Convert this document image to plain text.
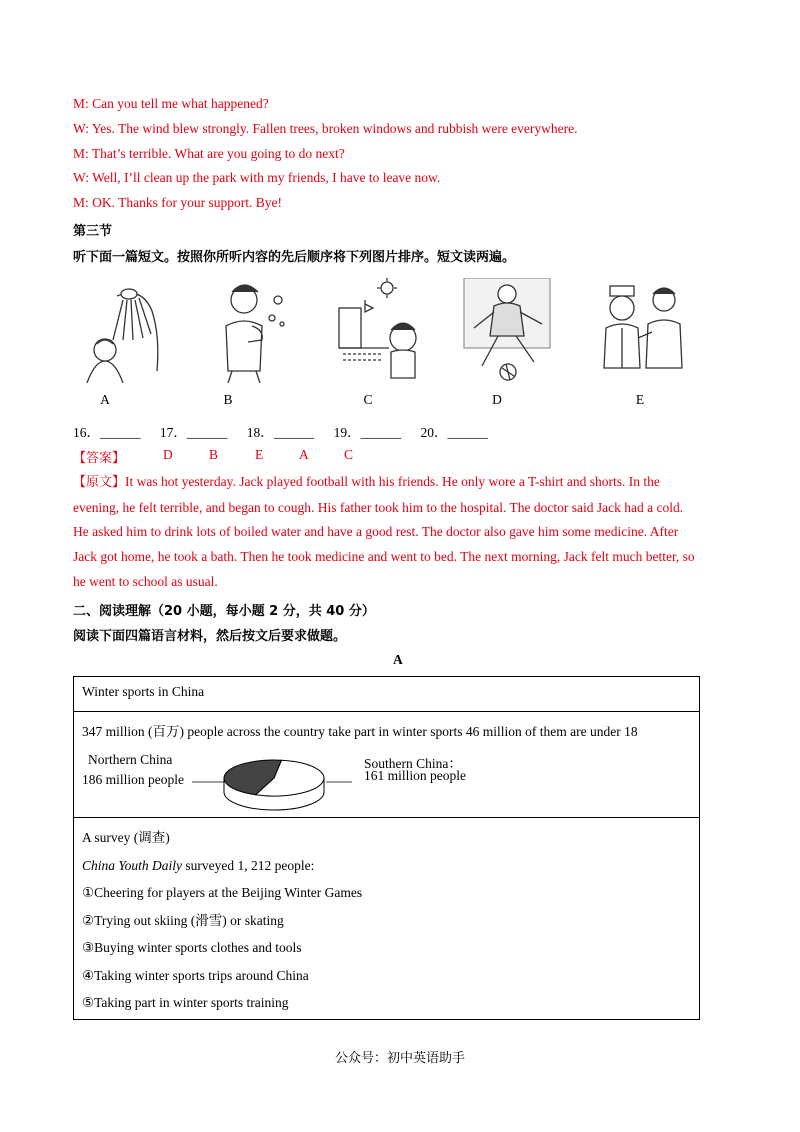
M: Can you tell me what happened?
W: Yes. The wind blew strongly. Fallen trees, broken windows and rubbish were everywhere.
M: That’s terrible. What are you going to do next?
W: Well, I’ll clean up the park with my friends, I have to leave now.
M: OK. Thanks for your support. Bye!
第三节
听下面一篇短文。按照你所听内容的先后顺序将下列图片排序。短文读两遍。
A	B	C	D	E
16．______ 17．______ 18．______ 19．______ 20．______
【答案】	D	B	E	A	C
【原文】It was hot yesterday. Jack played football with his friends. He only wore a T-shirt and shorts. In the
evening, he felt terrible, and began to cough. His father took him to the hospital. The doctor said Jack had a cold.
He asked him to drink lots of boiled water and have a good rest. The doctor also gave him some medicine. After
Jack got home, he took a bath. Then he took medicine and went to bed. The next morning, Jack felt much better, so
he went to school as usual.
二、阅读理解（20 小题，每小题 2 分，共 40 分）
阅读下面四篇语言材料，然后按文后要求做题。
A
Winter sports in China

347 million (百万) people across the country take part in winter sports 46 million of them are under 18
Northern China
186 million people
Southern China：
161 million people

A survey (调查)
China Youth Daily surveyed 1, 212 people:
①Cheering for players at the Beijing Winter Games
②Trying out skiing (滑雪) or skating
③Buying winter sports clothes and tools
④Taking winter sports trips around China
⑤Taking part in winter sports training
公众号：初中英语助手
